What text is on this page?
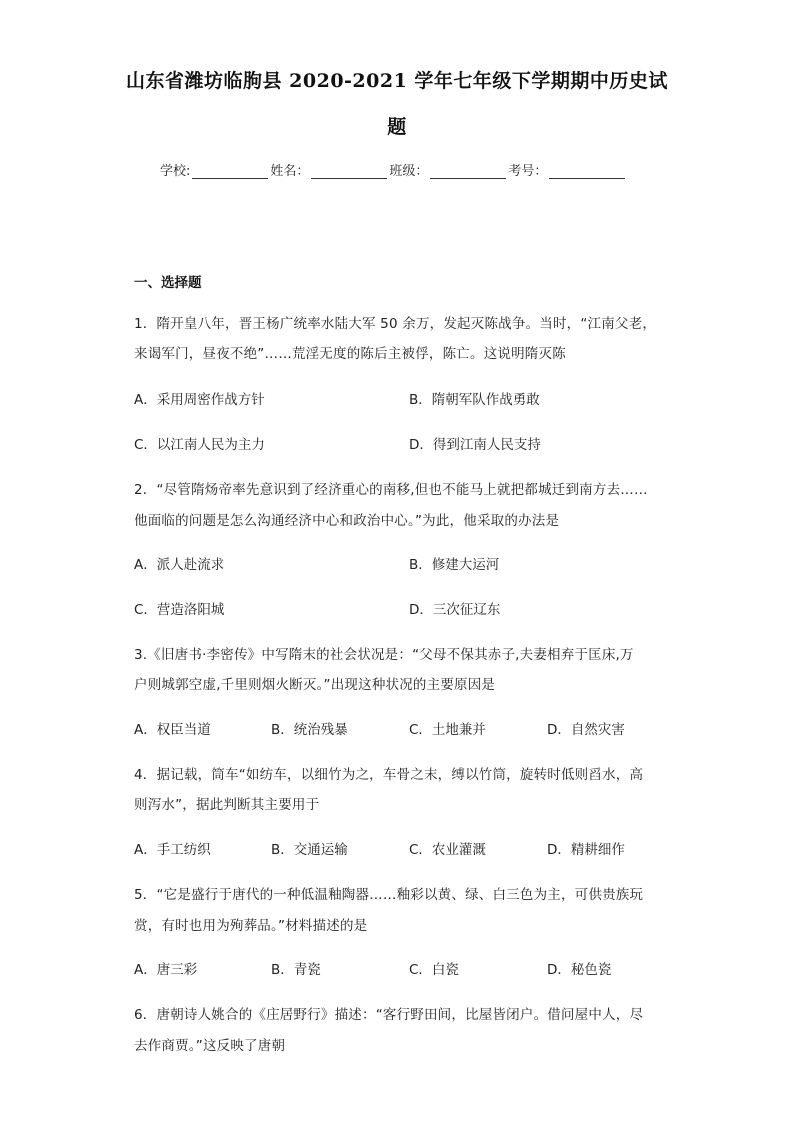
山东省潍坊临朐县 2020-2021 学年七年级下学期期中历史试
题
学校:	姓名：	班级：	考号：
一、选择题
1．隋开皇八年，晋王杨广统率水陆大军 50 余万，发起灭陈战争。当时，“江南父老，
来谒军门，昼夜不绝”……荒淫无度的陈后主被俘，陈亡。这说明隋灭陈
A．采用周密作战方针	B．隋朝军队作战勇敢
C．以江南人民为主力	D．得到江南人民支持
2．“尽管隋炀帝率先意识到了经济重心的南移,但也不能马上就把都城迁到南方去……
他面临的问题是怎么沟通经济中心和政治中心。”为此，他采取的办法是
A．派人赴流求	B．修建大运河
C．营造洛阳城	D．三次征辽东
3.《旧唐书·李密传》中写隋末的社会状况是：“父母不保其赤子,夫妻相弃于匡床,万
户则城郭空虚,千里则烟火断灭。”出现这种状况的主要原因是
A．权臣当道	B．统治残暴	C．土地兼并	D．自然灾害
4．据记载，筒车“如纺车，以细竹为之，车骨之末，缚以竹筒，旋转时低则舀水，高
则泻水”，据此判断其主要用于
A．手工纺织	B．交通运输	C．农业灌溉	D．精耕细作
5．“它是盛行于唐代的一种低温釉陶器……釉彩以黄、绿、白三色为主，可供贵族玩
赏，有时也用为殉葬品。”材料描述的是
A．唐三彩	B．青瓷	C．白瓷	D．秘色瓷
6．唐朝诗人姚合的《庄居野行》描述：“客行野田间，比屋皆闭户。借问屋中人，尽
去作商贾。”这反映了唐朝
